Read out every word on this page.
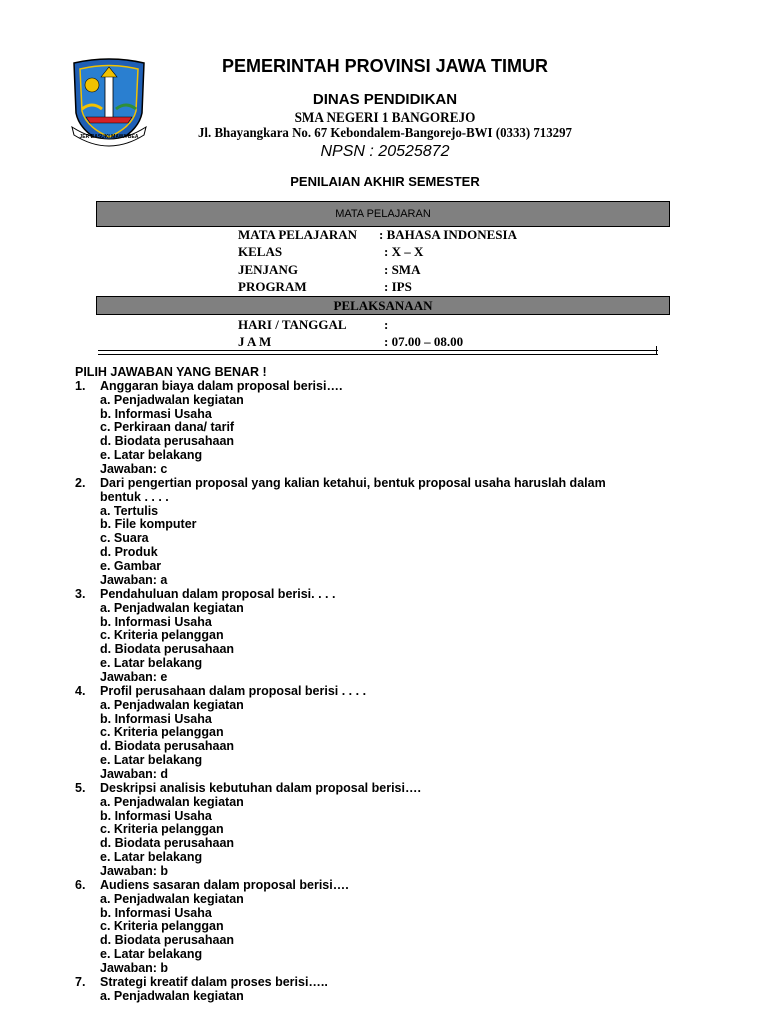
JER BASUKI MAWA BEA
PEMERINTAH PROVINSI JAWA TIMUR
DINAS PENDIDIKAN
SMA NEGERI 1 BANGOREJO
Jl. Bhayangkara No. 67 Kebondalem-Bangorejo-BWI (0333) 713297
NPSN : 20525872
PENILAIAN AKHIR SEMESTER
MATA PELAJARAN
MATA PELAJARAN : BAHASA INDONESIA
KELAS	: X – X
JENJANG	: SMA
PROGRAM	: IPS
PELAKSANAAN
HARI / TANGGAL	:
J A M	: 07.00 – 08.00
PILIH JAWABAN YANG BENAR !
1. Anggaran biaya dalam proposal berisi….
a. Penjadwalan kegiatan
b. Informasi Usaha
c. Perkiraan dana/ tarif
d. Biodata perusahaan
e. Latar belakang
Jawaban: c
2. Dari pengertian proposal yang kalian ketahui, bentuk proposal usaha haruslah dalam
bentuk . . . .
a. Tertulis
b. File komputer
c. Suara
d. Produk
e. Gambar
Jawaban: a
3. Pendahuluan dalam proposal berisi. . . .
a. Penjadwalan kegiatan
b. Informasi Usaha
c. Kriteria pelanggan
d. Biodata perusahaan
e. Latar belakang
Jawaban: e
4. Profil perusahaan dalam proposal berisi . . . .
a. Penjadwalan kegiatan
b. Informasi Usaha
c. Kriteria pelanggan
d. Biodata perusahaan
e. Latar belakang
Jawaban: d
5. Deskripsi analisis kebutuhan dalam proposal berisi….
a. Penjadwalan kegiatan
b. Informasi Usaha
c. Kriteria pelanggan
d. Biodata perusahaan
e. Latar belakang
Jawaban: b
6. Audiens sasaran dalam proposal berisi….
a. Penjadwalan kegiatan
b. Informasi Usaha
c. Kriteria pelanggan
d. Biodata perusahaan
e. Latar belakang
Jawaban: b
7. Strategi kreatif dalam proses berisi…..
a. Penjadwalan kegiatan
